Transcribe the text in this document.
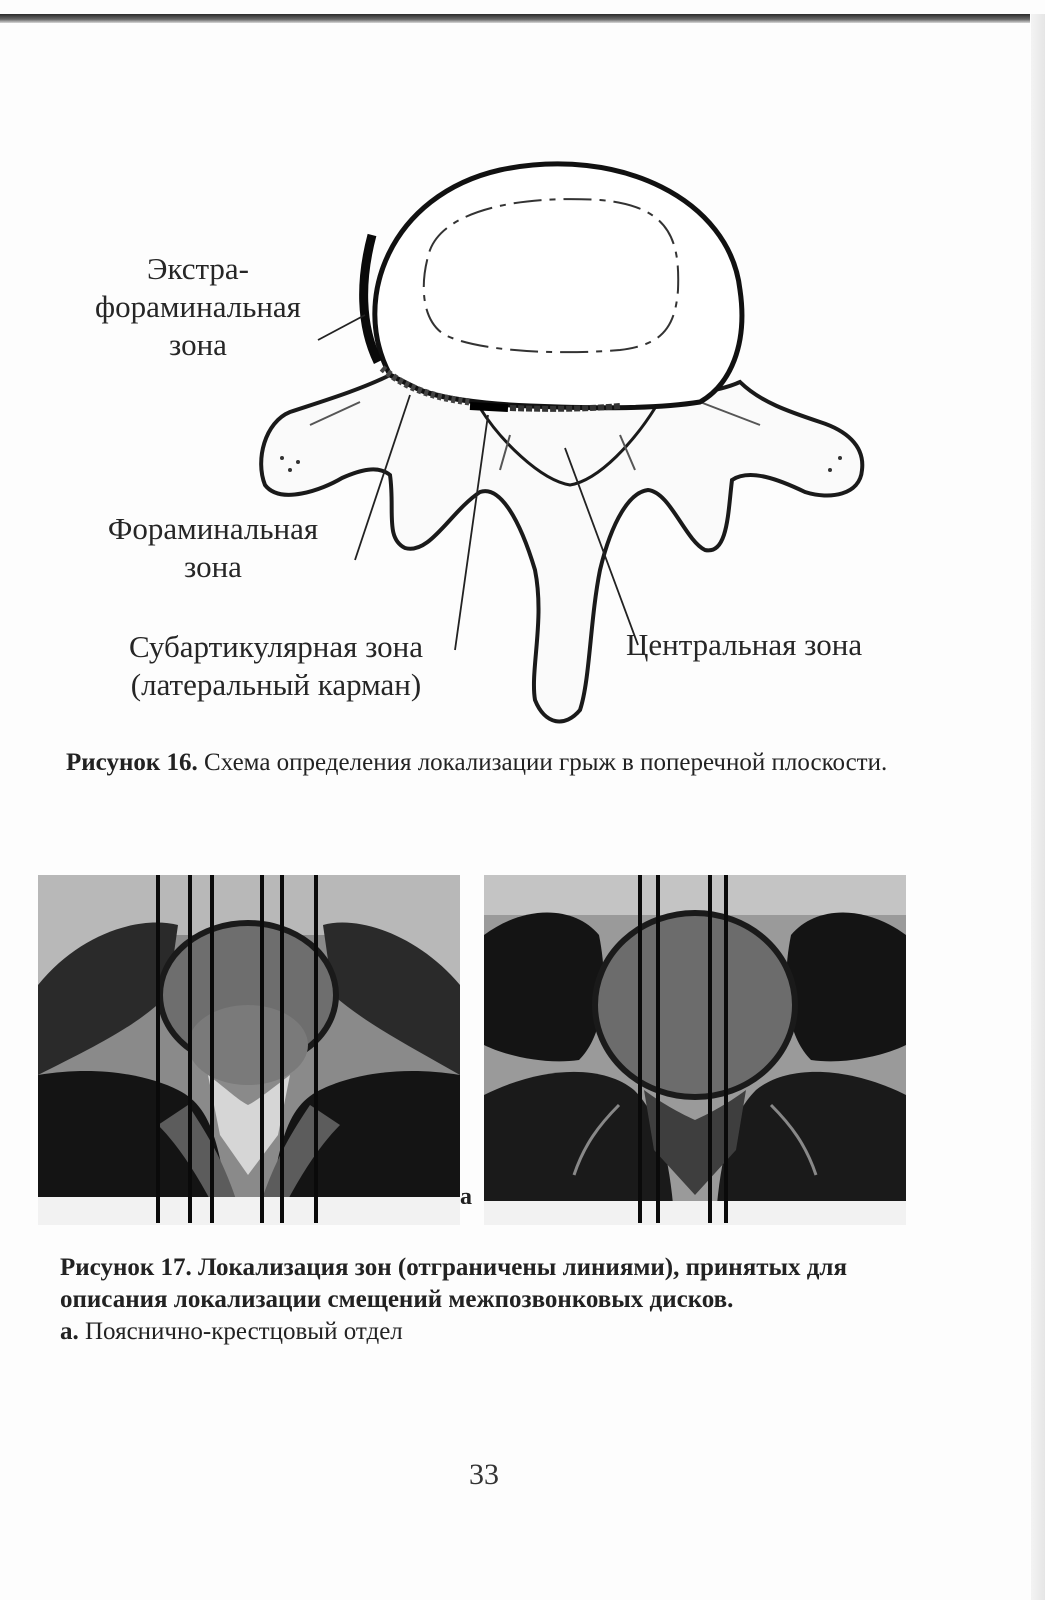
Экстра-
фораминальная
зона
Фораминальная
зона
Субартикулярная зона
(латеральный карман)
Центральная зона
Рисунок 16. Схема определения локализации грыж в поперечной плоскости.
а
Рисунок 17. Локализация зон (отграничены линиями), принятых для описания локализации смещений межпозвонковых дисков.
а. Пояснично-крестцовый отдел
33
